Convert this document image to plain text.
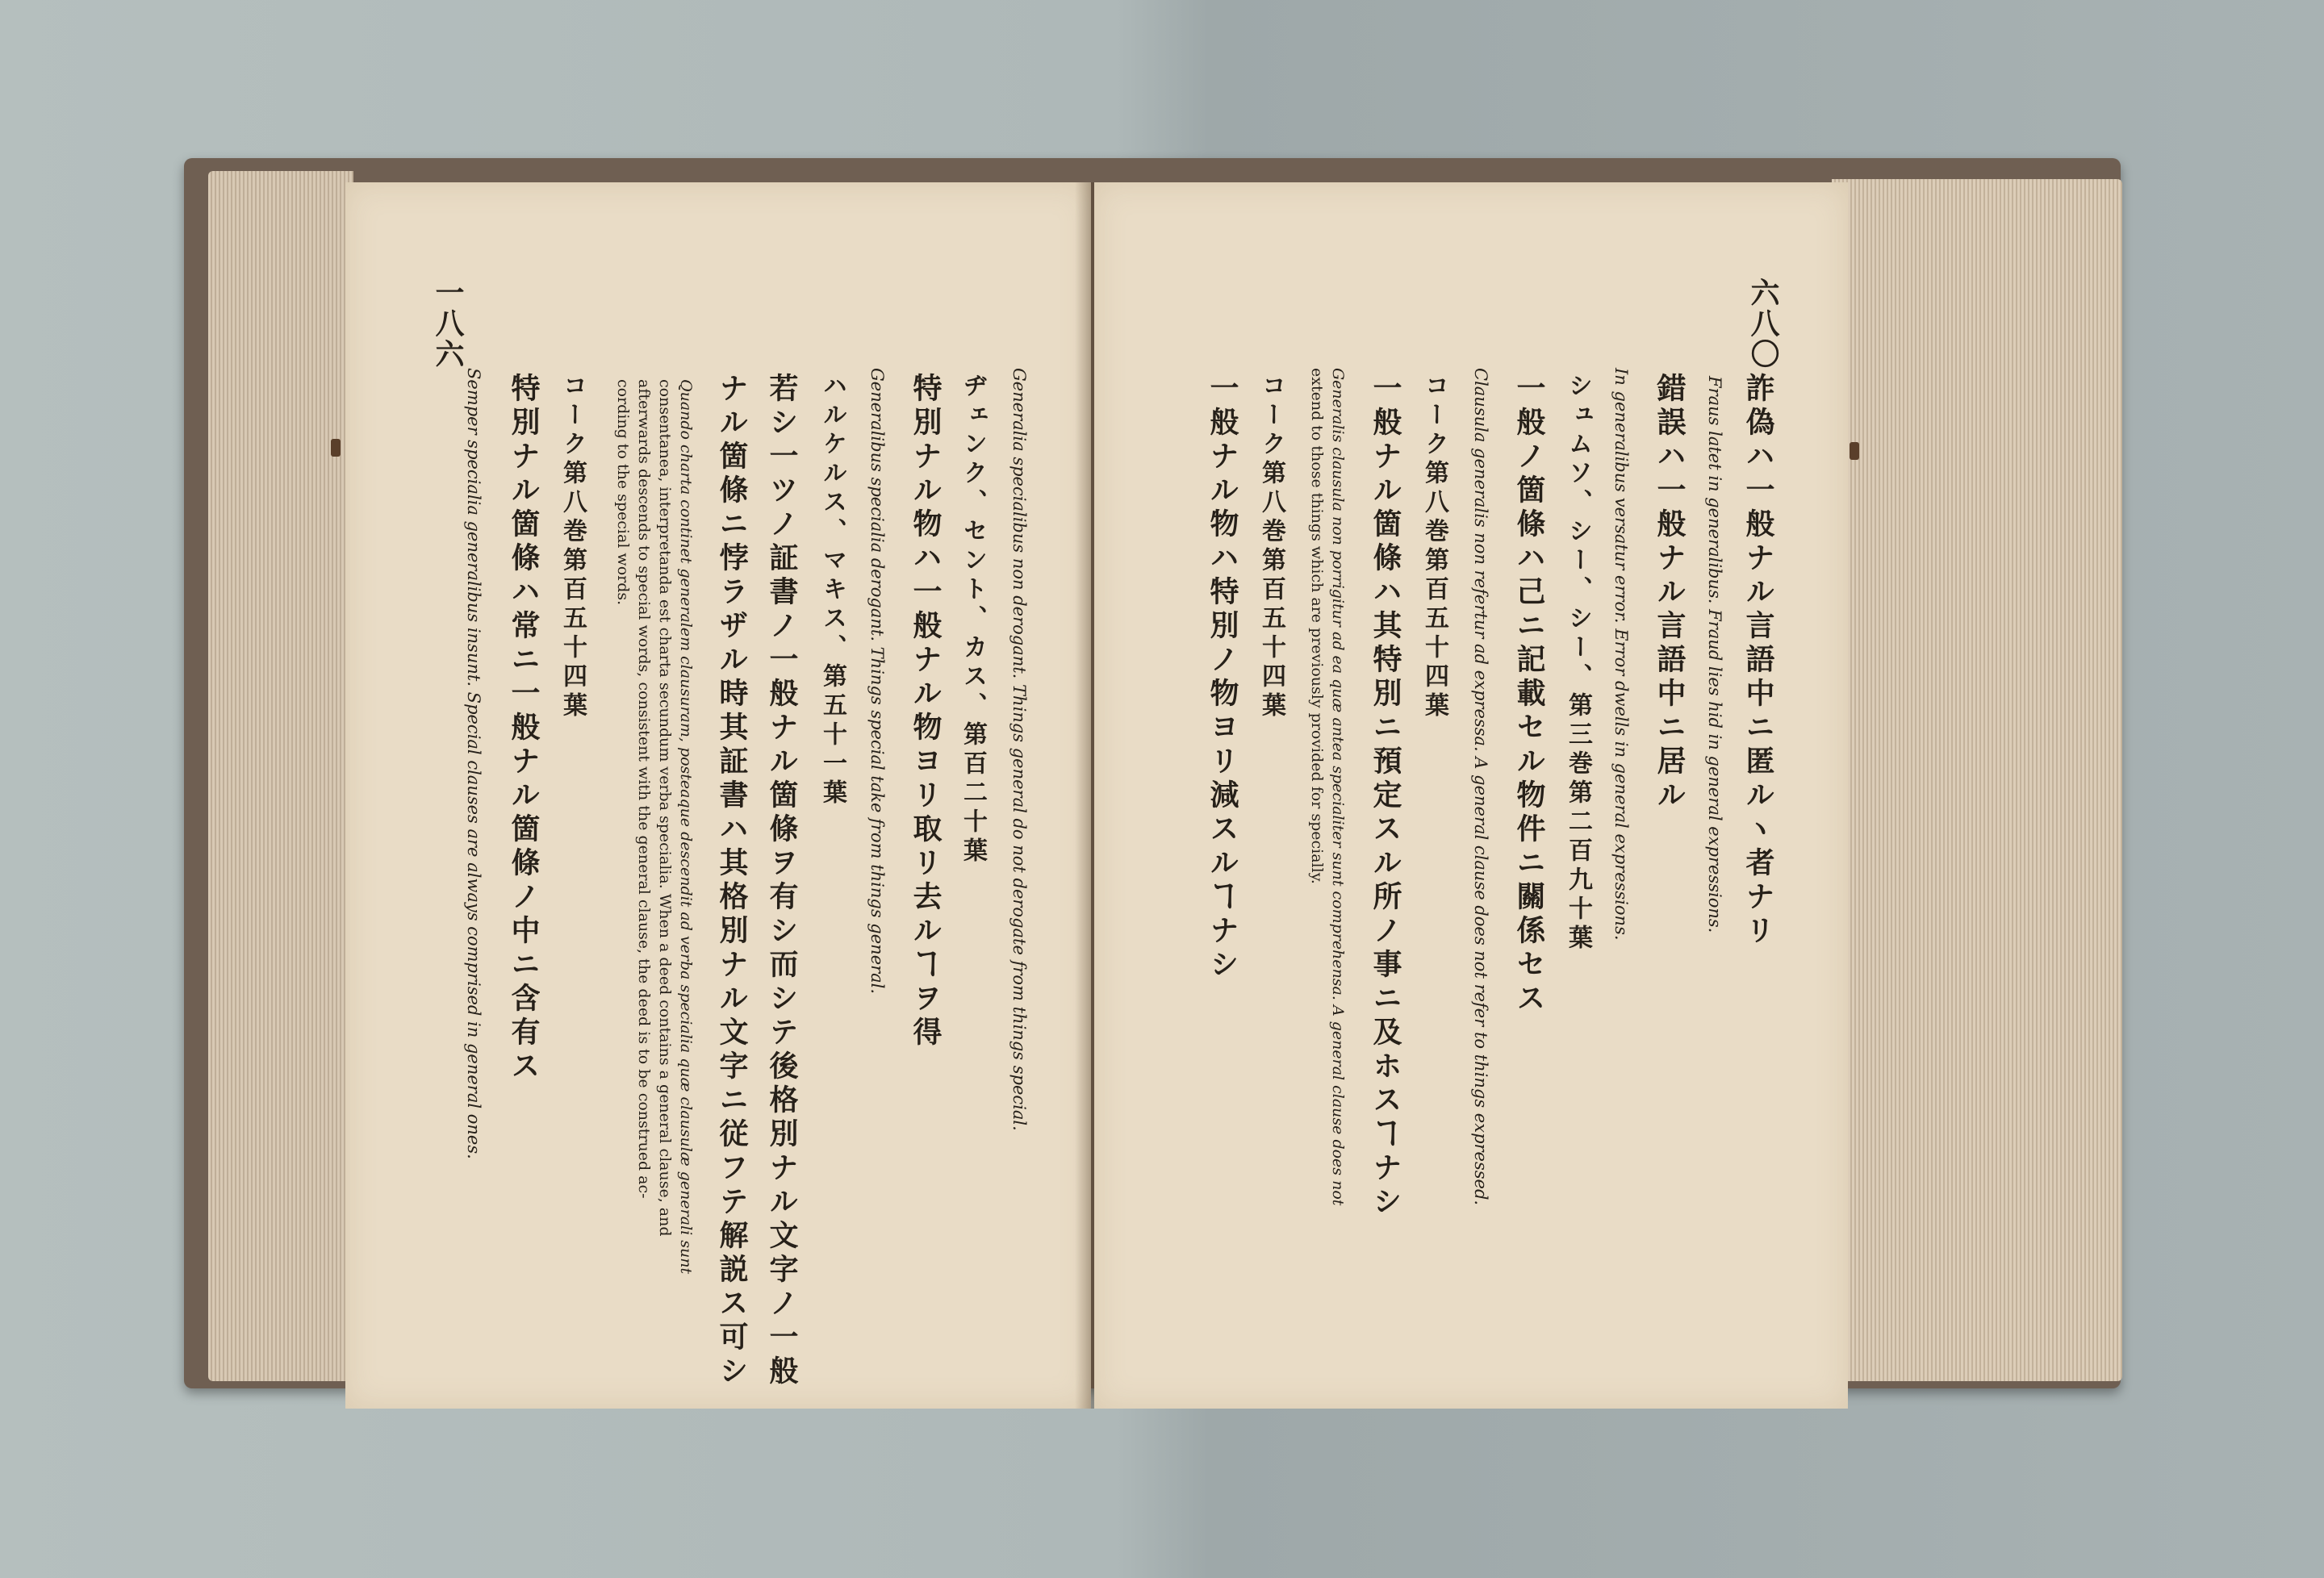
一八六
Generalia specialibus non derogant. Things general do not derogate from things special.
ヂェンク、セント、カス、第百二十葉
特別ナル物ハ一般ナル物ヨリ取リ去ルヿヲ得
Generalibus specialia derogant. Things special take from things general.
ハルケルス、マキス、第五十一葉
若シ一ツノ証書ノ一般ナル箇條ヲ有シ而シテ後格別ナル文字ノ一般
ナル箇條ニ悖ラザル時其証書ハ其格別ナル文字ニ従フテ解説ス可シ
Quando charta continet generalem clausuram, posteaque descendit ad verba specialia quæ clausulæ generali sunt
consentanea, interpretanda est charta secundum verba specialia. When a deed contains a general clause, and
afterwards descends to special words, consistent with the general clause, the deed is to be construed ac-
cording to the special words.
コーク第八巻第百五十四葉
特別ナル箇條ハ常ニ一般ナル箇條ノ中ニ含有ス
Semper specialia generalibus insunt. Special clauses are always comprised in general ones.
六八〇
詐偽ハ一般ナル言語中ニ匿ルヽ者ナリ
Fraus latet in generalibus. Fraud lies hid in general expressions.
錯誤ハ一般ナル言語中ニ居ル
In generalibus versatur error. Error dwells in general expressions.
シュムソ、シー、シー、第三巻第二百九十葉
一般ノ箇條ハ己ニ記載セル物件ニ關係セス
Clausula generalis non refertur ad expressa. A general clause does not refer to things expressed.
コーク第八巻第百五十四葉
一般ナル箇條ハ其特別ニ預定スル所ノ事ニ及ホスヿナシ
Generalis clausula non porrigitur ad ea quæ antea specialiter sunt comprehensa. A general clause does not
extend to those things which are previously provided for specially.
コーク第八巻第百五十四葉
一般ナル物ハ特別ノ物ヨリ減スルヿナシ
